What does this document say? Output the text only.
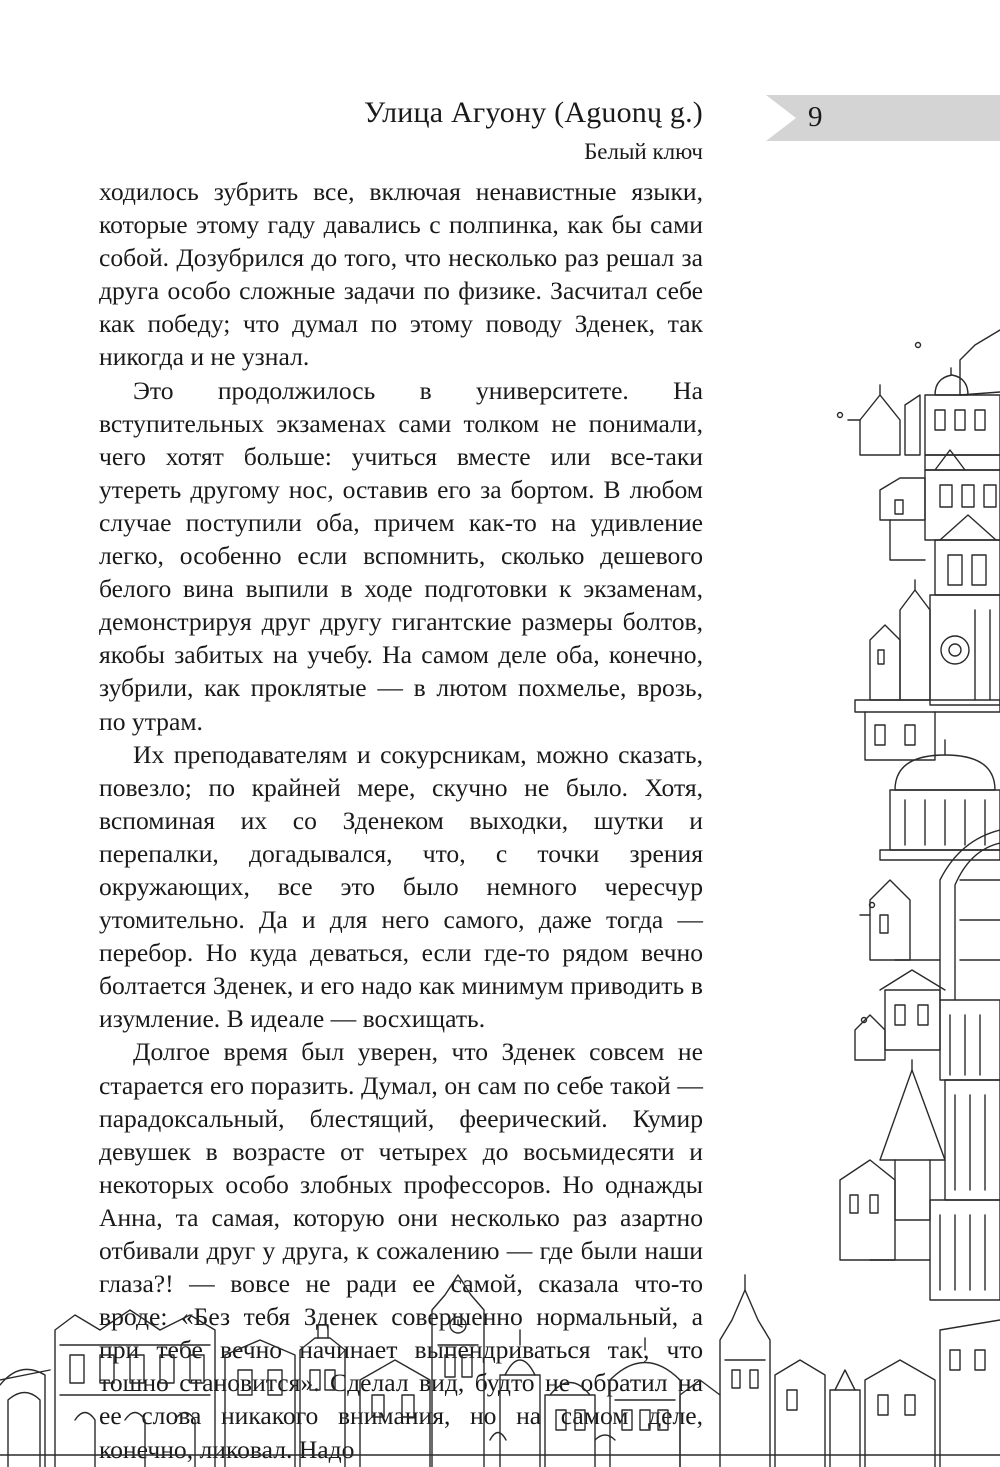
Улица Агуону (Aguonų g.)
Белый ключ
9

ходилось зубрить все, включая ненавистные языки, которые этому гаду давались с полпинка, как бы сами собой. Дозубрился до того, что несколько раз решал за друга особо сложные задачи по физике. Засчитал себе как победу; что думал по этому поводу Зденек, так никогда и не узнал.

Это продолжилось в университете. На вступительных экзаменах сами толком не понимали, чего хотят больше: учиться вместе или все-таки утереть другому нос, оставив его за бортом. В любом случае поступили оба, причем как-то на удивление легко, особенно если вспомнить, сколько дешевого белого вина выпили в ходе подготовки к экзаменам, демонстрируя друг другу гигантские размеры болтов, якобы забитых на учебу. На самом деле оба, конечно, зубрили, как проклятые — в лютом похмелье, врозь, по утрам.

Их преподавателям и сокурсникам, можно сказать, повезло; по крайней мере, скучно не было. Хотя, вспоминая их со Зденеком выходки, шутки и перепалки, догадывался, что, с точки зрения окружающих, все это было немного чересчур утомительно. Да и для него самого, даже тогда — перебор. Но куда деваться, если где-то рядом вечно болтается Зденек, и его надо как минимум приводить в изумление. В идеале — восхищать.

Долгое время был уверен, что Зденек совсем не старается его поразить. Думал, он сам по себе такой — парадоксальный, блестящий, феерический. Кумир девушек в возрасте от четырех до восьмидесяти и некоторых особо злобных профессоров. Но однажды Анна, та самая, которую они несколько раз азартно отбивали друг у друга, к сожалению — где были наши глаза?! — вовсе не ради ее самой, сказала что-то вроде: «Без тебя Зденек совершенно нормальный, а при тебе вечно начинает выпендриваться так, что тошно становится». Сделал вид, будто не обратил на ее слова никакого внимания, но на самом деле, конечно, ликовал. Надо
